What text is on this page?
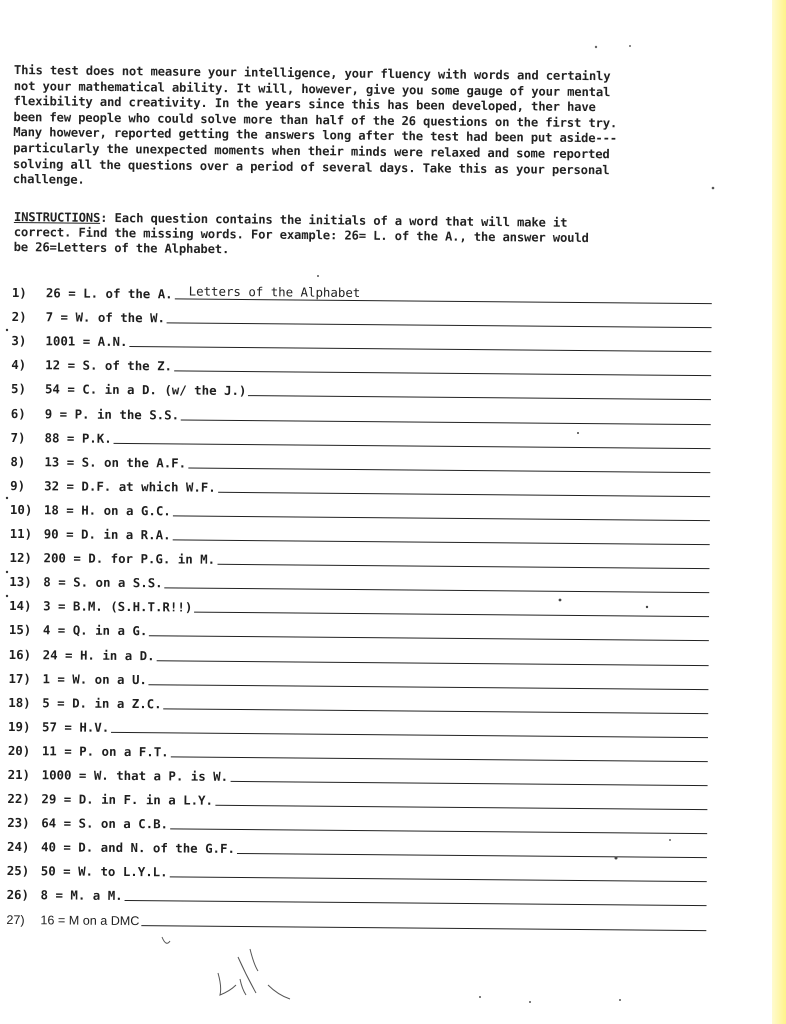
This test does not measure your intelligence, your fluency with words and certainly
not your mathematical ability. It will, however, give you some gauge of your mental
flexibility and creativity. In the years since this has been developed, ther have
been few people who could solve more than half of the 26 questions on the first try.
Many however, reported getting the answers long after the test had been put aside---
particularly the unexpected moments when their minds were relaxed and some reported
solving all the questions over a period of several days. Take this as your personal
challenge.
INSTRUCTIONS: Each question contains the initials of a word that will make it
correct. Find the missing words. For example: 26= L. of the A., the answer would
be 26=Letters of the Alphabet.
1)	26 = L. of the A.	Letters of the Alphabet
2)	7 = W. of the W.
3)	1001 = A.N.
4)	12 = S. of the Z.
5)	54 = C. in a D. (w/ the J.)
6)	9 = P. in the S.S.
7)	88 = P.K.
8)	13 = S. on the A.F.
9)	32 = D.F. at which W.F.
10) 18 = H. on a G.C.
11) 90 = D. in a R.A.
12) 200 = D. for P.G. in M.
13) 8 = S. on a S.S.
14) 3 = B.M. (S.H.T.R!!)
15) 4 = Q. in a G.
16) 24 = H. in a D.
17) 1 = W. on a U.
18) 5 = D. in a Z.C.
19) 57 = H.V.
20) 11 = P. on a F.T.
21) 1000 = W. that a P. is W.
22) 29 = D. in F. in a L.Y.
23) 64 = S. on a C.B.
24) 40 = D. and N. of the G.F.
25) 50 = W. to L.Y.L.
26) 8 = M. a M.
27)	16 = M on a DMC
